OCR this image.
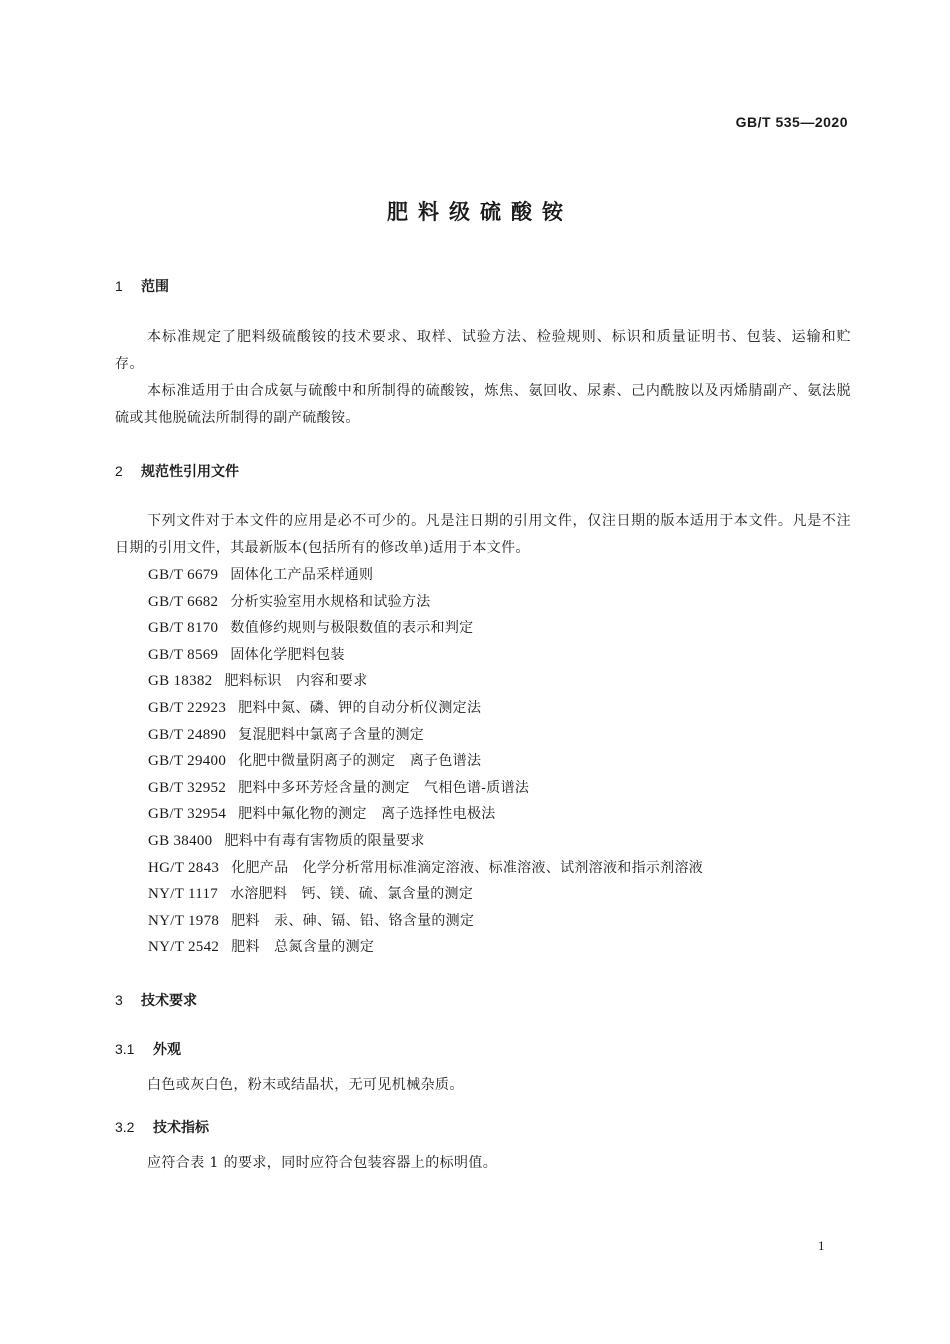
GB/T 535—2020
肥料级硫酸铵
1 范围
本标准规定了肥料级硫酸铵的技术要求、取样、试验方法、检验规则、标识和质量证明书、包装、运输和贮存。
本标准适用于由合成氨与硫酸中和所制得的硫酸铵，炼焦、氨回收、尿素、己内酰胺以及丙烯腈副产、氨法脱硫或其他脱硫法所制得的副产硫酸铵。
2 规范性引用文件
下列文件对于本文件的应用是必不可少的。凡是注日期的引用文件，仅注日期的版本适用于本文件。凡是不注日期的引用文件，其最新版本(包括所有的修改单)适用于本文件。
GB/T 6679 固体化工产品采样通则
GB/T 6682 分析实验室用水规格和试验方法
GB/T 8170 数值修约规则与极限数值的表示和判定
GB/T 8569 固体化学肥料包装
GB 18382 肥料标识　内容和要求
GB/T 22923 肥料中氮、磷、钾的自动分析仪测定法
GB/T 24890 复混肥料中氯离子含量的测定
GB/T 29400 化肥中微量阴离子的测定　离子色谱法
GB/T 32952 肥料中多环芳烃含量的测定　气相色谱-质谱法
GB/T 32954 肥料中氟化物的测定　离子选择性电极法
GB 38400 肥料中有毒有害物质的限量要求
HG/T 2843 化肥产品　化学分析常用标准滴定溶液、标准溶液、试剂溶液和指示剂溶液
NY/T 1117 水溶肥料　钙、镁、硫、氯含量的测定
NY/T 1978 肥料　汞、砷、镉、铅、铬含量的测定
NY/T 2542 肥料　总氮含量的测定
3 技术要求
3.1 外观
白色或灰白色，粉末或结晶状，无可见机械杂质。
3.2 技术指标
应符合表 1 的要求，同时应符合包装容器上的标明值。
1
